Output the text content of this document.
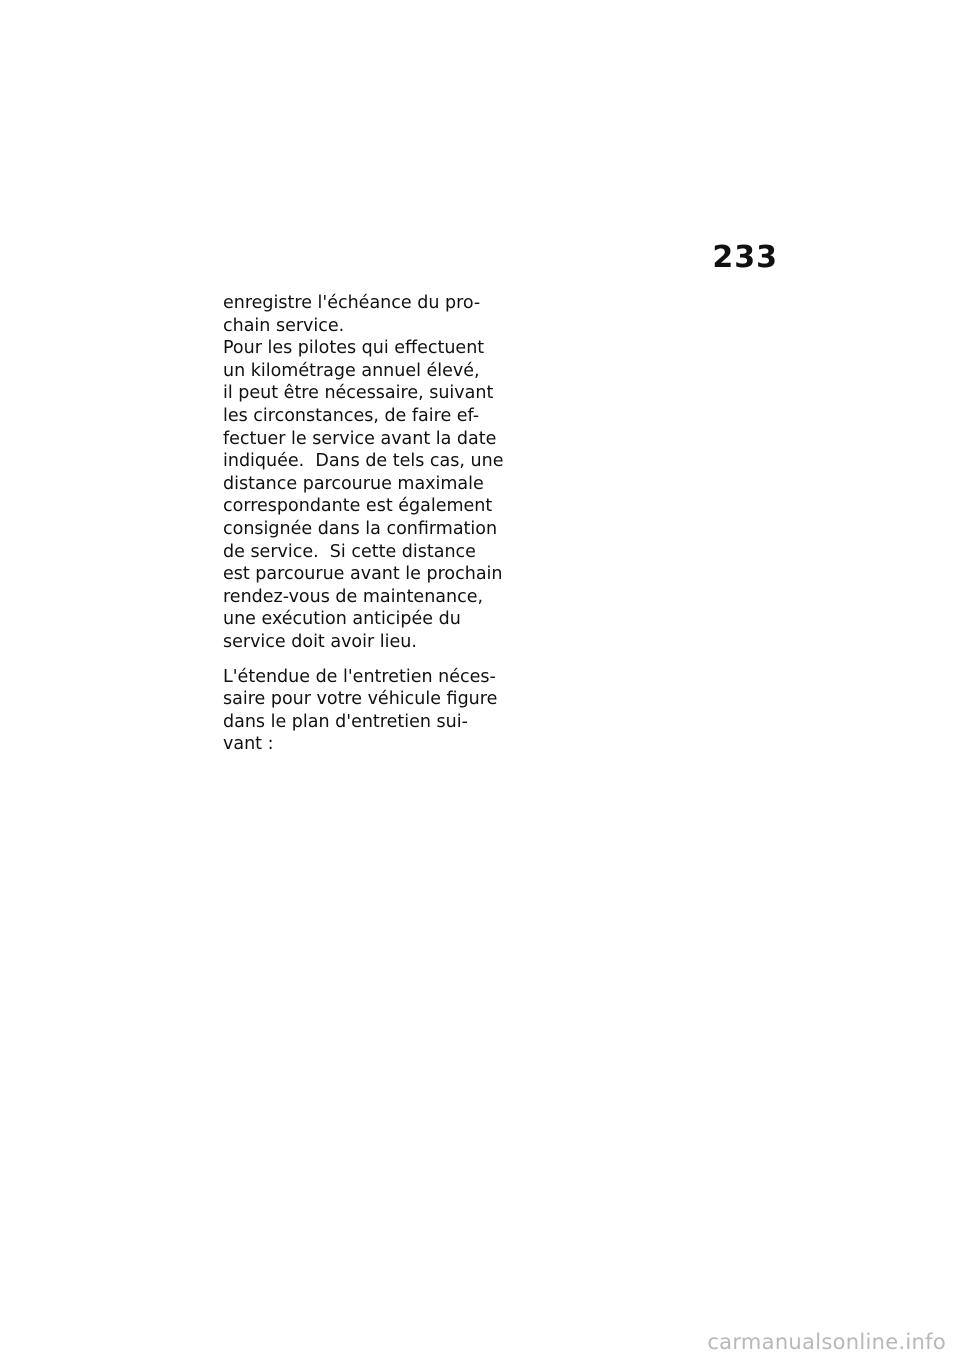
233

enregistre l'échéance du pro-
chain service.

Pour les pilotes qui effectuent
un kilométrage annuel élevé,
il peut être nécessaire, suivant
les circonstances, de faire ef-
fectuer le service avant la date
indiquée.  Dans de tels cas, une
distance parcourue maximale
correspondante est également
consignée dans la confirmation
de service.  Si cette distance
est parcourue avant le prochain
rendez-vous de maintenance,
une exécution anticipée du
service doit avoir lieu.

L'étendue de l'entretien néces-
saire pour votre véhicule figure
dans le plan d'entretien sui-
vant :

carmanualsonline.info
